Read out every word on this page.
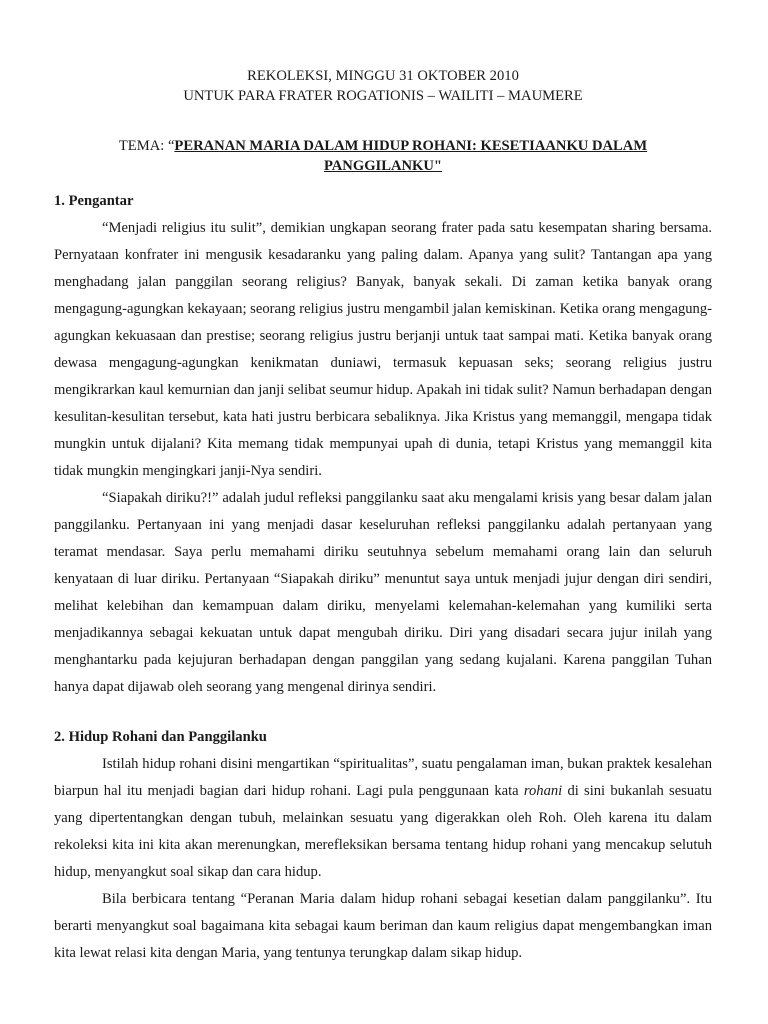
REKOLEKSI, MINGGU 31 OKTOBER 2010
UNTUK PARA FRATER ROGATIONIS – WAILITI – MAUMERE
TEMA: “PERANAN MARIA DALAM HIDUP ROHANI: KESETIAANKU DALAM
PANGGILANKU"
1. Pengantar

“Menjadi religius itu sulit”, demikian ungkapan seorang frater pada satu kesempatan sharing bersama. Pernyataan konfrater ini mengusik kesadaranku yang paling dalam. Apanya yang sulit? Tantangan apa yang menghadang jalan panggilan seorang religius? Banyak, banyak sekali. Di zaman ketika banyak orang mengagung-agungkan kekayaan; seorang religius justru mengambil jalan kemiskinan. Ketika orang mengagung-agungkan kekuasaan dan prestise; seorang religius justru berjanji untuk taat sampai mati. Ketika banyak orang dewasa mengagung-agungkan kenikmatan duniawi, termasuk kepuasan seks; seorang religius justru mengikrarkan kaul kemurnian dan janji selibat seumur hidup. Apakah ini tidak sulit? Namun berhadapan dengan kesulitan-kesulitan tersebut, kata hati justru berbicara sebaliknya. Jika Kristus yang memanggil, mengapa tidak mungkin untuk dijalani? Kita memang tidak mempunyai upah di dunia, tetapi Kristus yang memanggil kita tidak mungkin mengingkari janji-Nya sendiri.

“Siapakah diriku?!” adalah judul refleksi panggilanku saat aku mengalami krisis yang besar dalam jalan panggilanku. Pertanyaan ini yang menjadi dasar keseluruhan refleksi panggilanku adalah pertanyaan yang teramat mendasar. Saya perlu memahami diriku seutuhnya sebelum memahami orang lain dan seluruh kenyataan di luar diriku. Pertanyaan “Siapakah diriku” menuntut saya untuk menjadi jujur dengan diri sendiri, melihat kelebihan dan kemampuan dalam diriku, menyelami kelemahan-kelemahan yang kumiliki serta menjadikannya sebagai kekuatan untuk dapat mengubah diriku. Diri yang disadari secara jujur inilah yang menghantarku pada kejujuran berhadapan dengan panggilan yang sedang kujalani. Karena panggilan Tuhan hanya dapat dijawab oleh seorang yang mengenal dirinya sendiri.

2. Hidup Rohani dan Panggilanku

Istilah hidup rohani disini mengartikan “spiritualitas”, suatu pengalaman iman, bukan praktek kesalehan biarpun hal itu menjadi bagian dari hidup rohani. Lagi pula penggunaan kata rohani di sini bukanlah sesuatu yang dipertentangkan dengan tubuh, melainkan sesuatu yang digerakkan oleh Roh. Oleh karena itu dalam rekoleksi kita ini kita akan merenungkan, merefleksikan bersama tentang hidup rohani yang mencakup selutuh hidup, menyangkut soal sikap dan cara hidup.

Bila berbicara tentang “Peranan Maria dalam hidup rohani sebagai kesetian dalam panggilanku”. Itu berarti menyangkut soal bagaimana kita sebagai kaum beriman dan kaum religius dapat mengembangkan iman kita lewat relasi kita dengan Maria, yang tentunya terungkap dalam sikap hidup.
